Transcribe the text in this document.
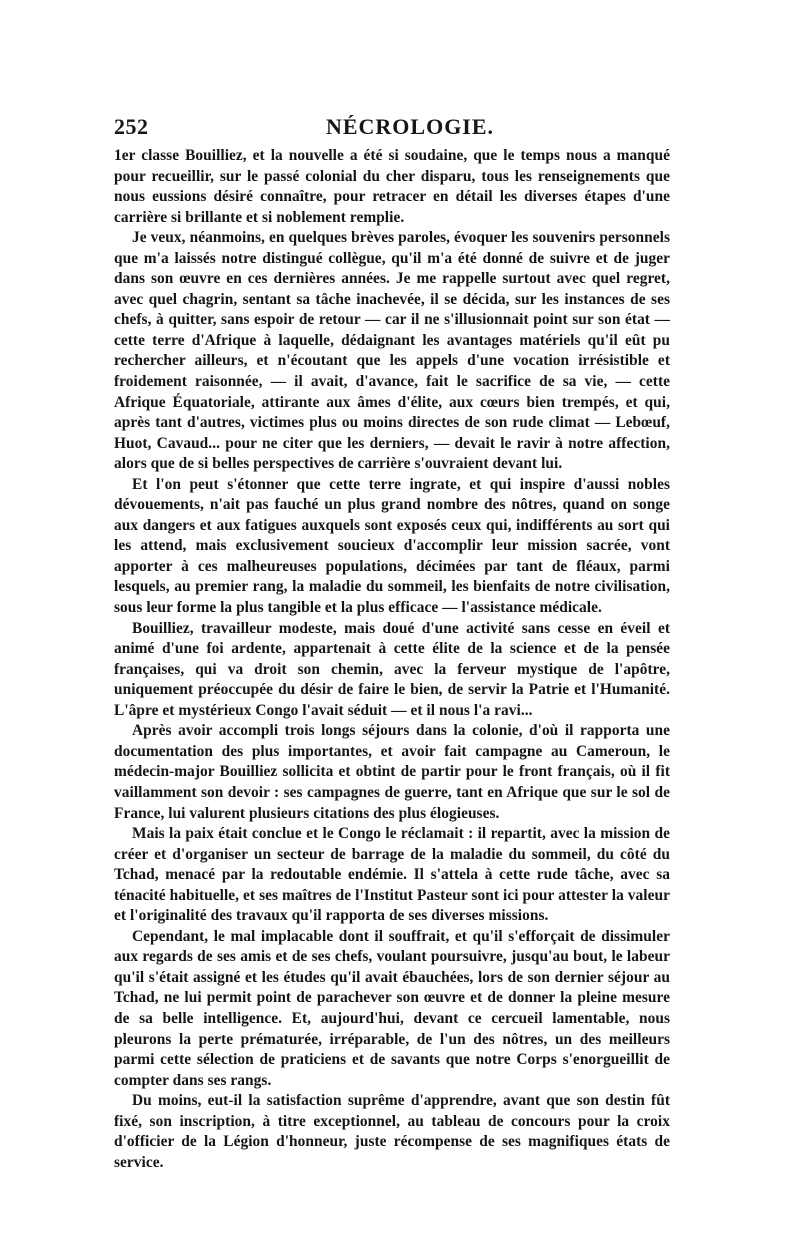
252	NÉCROLOGIE.

1er classe Bouilliez, et la nouvelle a été si soudaine, que le temps nous a manqué pour recueillir, sur le passé colonial du cher disparu, tous les renseignements que nous eussions désiré connaître, pour retracer en détail les diverses étapes d'une carrière si brillante et si noblement remplie.

Je veux, néanmoins, en quelques brèves paroles, évoquer les souvenirs personnels que m'a laissés notre distingué collègue, qu'il m'a été donné de suivre et de juger dans son œuvre en ces dernières années. Je me rappelle surtout avec quel regret, avec quel chagrin, sentant sa tâche inachevée, il se décida, sur les instances de ses chefs, à quitter, sans espoir de retour — car il ne s'illusionnait point sur son état — cette terre d'Afrique à laquelle, dédaignant les avantages matériels qu'il eût pu rechercher ailleurs, et n'écoutant que les appels d'une vocation irrésistible et froidement raisonnée, — il avait, d'avance, fait le sacrifice de sa vie, — cette Afrique Équatoriale, attirante aux âmes d'élite, aux cœurs bien trempés, et qui, après tant d'autres, victimes plus ou moins directes de son rude climat — Lebœuf, Huot, Cavaud... pour ne citer que les derniers, — devait le ravir à notre affection, alors que de si belles perspectives de carrière s'ouvraient devant lui.

Et l'on peut s'étonner que cette terre ingrate, et qui inspire d'aussi nobles dévouements, n'ait pas fauché un plus grand nombre des nôtres, quand on songe aux dangers et aux fatigues auxquels sont exposés ceux qui, indifférents au sort qui les attend, mais exclusivement soucieux d'accomplir leur mission sacrée, vont apporter à ces malheureuses populations, décimées par tant de fléaux, parmi lesquels, au premier rang, la maladie du sommeil, les bienfaits de notre civilisation, sous leur forme la plus tangible et la plus efficace — l'assistance médicale.

Bouilliez, travailleur modeste, mais doué d'une activité sans cesse en éveil et animé d'une foi ardente, appartenait à cette élite de la science et de la pensée françaises, qui va droit son chemin, avec la ferveur mystique de l'apôtre, uniquement préoccupée du désir de faire le bien, de servir la Patrie et l'Humanité. L'âpre et mystérieux Congo l'avait séduit — et il nous l'a ravi...

Après avoir accompli trois longs séjours dans la colonie, d'où il rapporta une documentation des plus importantes, et avoir fait campagne au Cameroun, le médecin-major Bouilliez sollicita et obtint de partir pour le front français, où il fit vaillamment son devoir : ses campagnes de guerre, tant en Afrique que sur le sol de France, lui valurent plusieurs citations des plus élogieuses.

Mais la paix était conclue et le Congo le réclamait : il repartit, avec la mission de créer et d'organiser un secteur de barrage de la maladie du sommeil, du côté du Tchad, menacé par la redoutable endémie. Il s'attela à cette rude tâche, avec sa ténacité habituelle, et ses maîtres de l'Institut Pasteur sont ici pour attester la valeur et l'originalité des travaux qu'il rapporta de ses diverses missions.

Cependant, le mal implacable dont il souffrait, et qu'il s'efforçait de dissimuler aux regards de ses amis et de ses chefs, voulant poursuivre, jusqu'au bout, le labeur qu'il s'était assigné et les études qu'il avait ébauchées, lors de son dernier séjour au Tchad, ne lui permit point de parachever son œuvre et de donner la pleine mesure de sa belle intelligence. Et, aujourd'hui, devant ce cercueil lamentable, nous pleurons la perte prématurée, irréparable, de l'un des nôtres, un des meilleurs parmi cette sélection de praticiens et de savants que notre Corps s'enorgueillit de compter dans ses rangs.

Du moins, eut-il la satisfaction suprême d'apprendre, avant que son destin fût fixé, son inscription, à titre exceptionnel, au tableau de concours pour la croix d'officier de la Légion d'honneur, juste récompense de ses magnifiques états de service.
